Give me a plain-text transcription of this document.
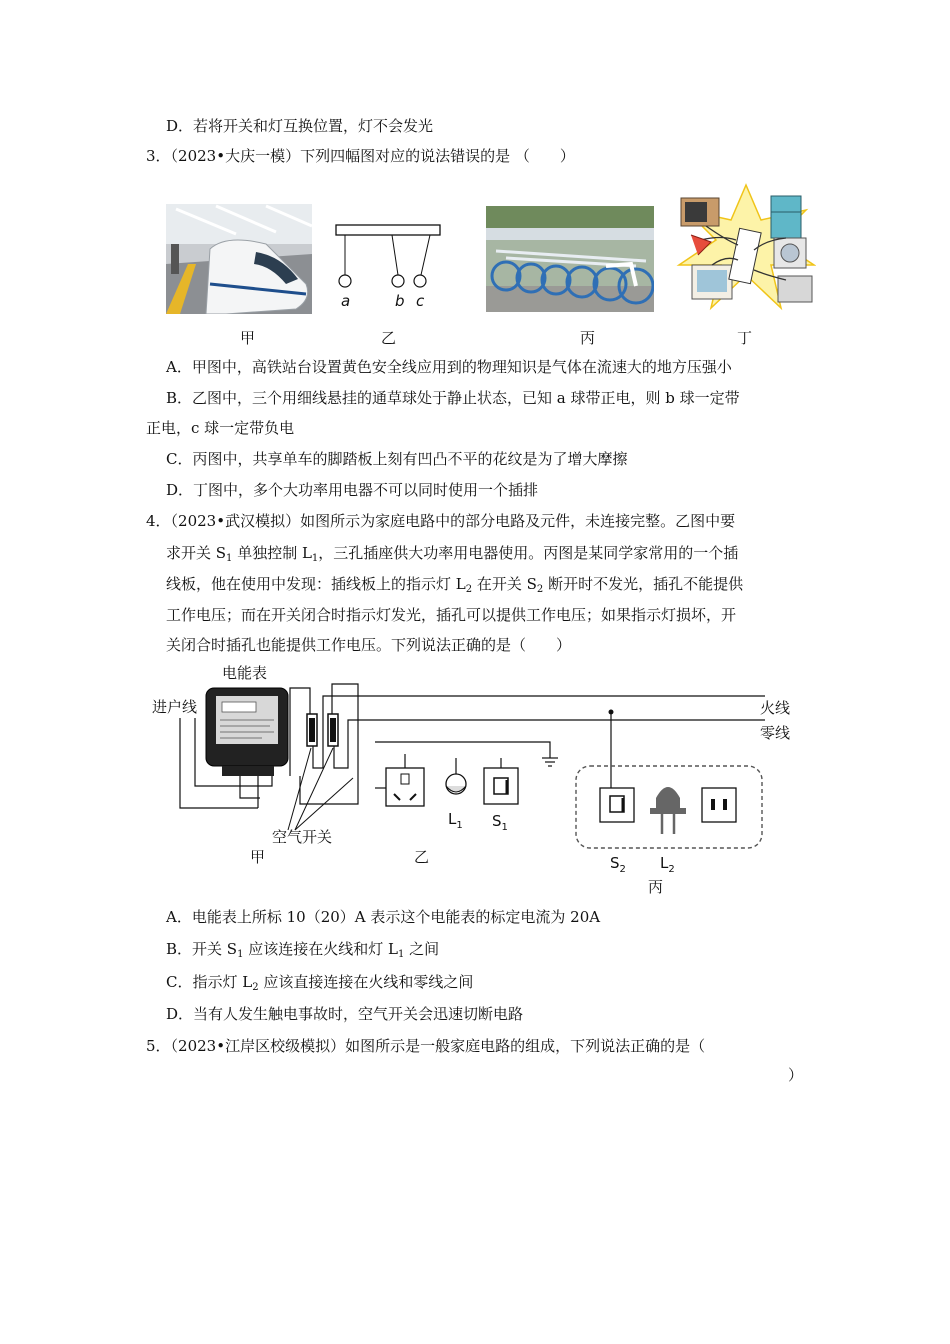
D．若将开关和灯互换位置，灯不会发光
3．（2023•大庆一模）下列四幅图对应的说法错误的是 （　　）
a	b c
甲	乙	丙	丁
A．甲图中，高铁站台设置黄色安全线应用到的物理知识是气体在流速大的地方压强小
B．乙图中，三个用细线悬挂的通草球处于静止状态，已知 a 球带正电，则 b 球一定带
正电，c 球一定带负电
C．丙图中，共享单车的脚踏板上刻有凹凸不平的花纹是为了增大摩擦
D．丁图中，多个大功率用电器不可以同时使用一个插排
4．（2023•武汉模拟）如图所示为家庭电路中的部分电路及元件，未连接完整。乙图中要
求开关 $S_1$ 单独控制 $L_1$，三孔插座供大功率用电器使用。丙图是某同学家常用的一个插
线板，他在使用中发现：插线板上的指示灯 $L_2$ 在开关 $S_2$ 断开时不发光，插孔不能提供
工作电压；而在开关闭合时指示灯发光，插孔可以提供工作电压；如果指示灯损坏，开
关闭合时插孔也能提供工作电压。下列说法正确的是（　　）
电能表
进户线	火线
零线
空气开关
甲	乙
丙
$L_1$ $S_1$
$S_2$ $L_2$
A．电能表上所标 10（20）A 表示这个电能表的标定电流为 20A
B．开关 $S_1$ 应该连接在火线和灯 $L_1$ 之间
C．指示灯 $L_2$ 应该直接连接在火线和零线之间
D．当有人发生触电事故时，空气开关会迅速切断电路
5．（2023•江岸区校级模拟）如图所示是一般家庭电路的组成，下列说法正确的是（
）
